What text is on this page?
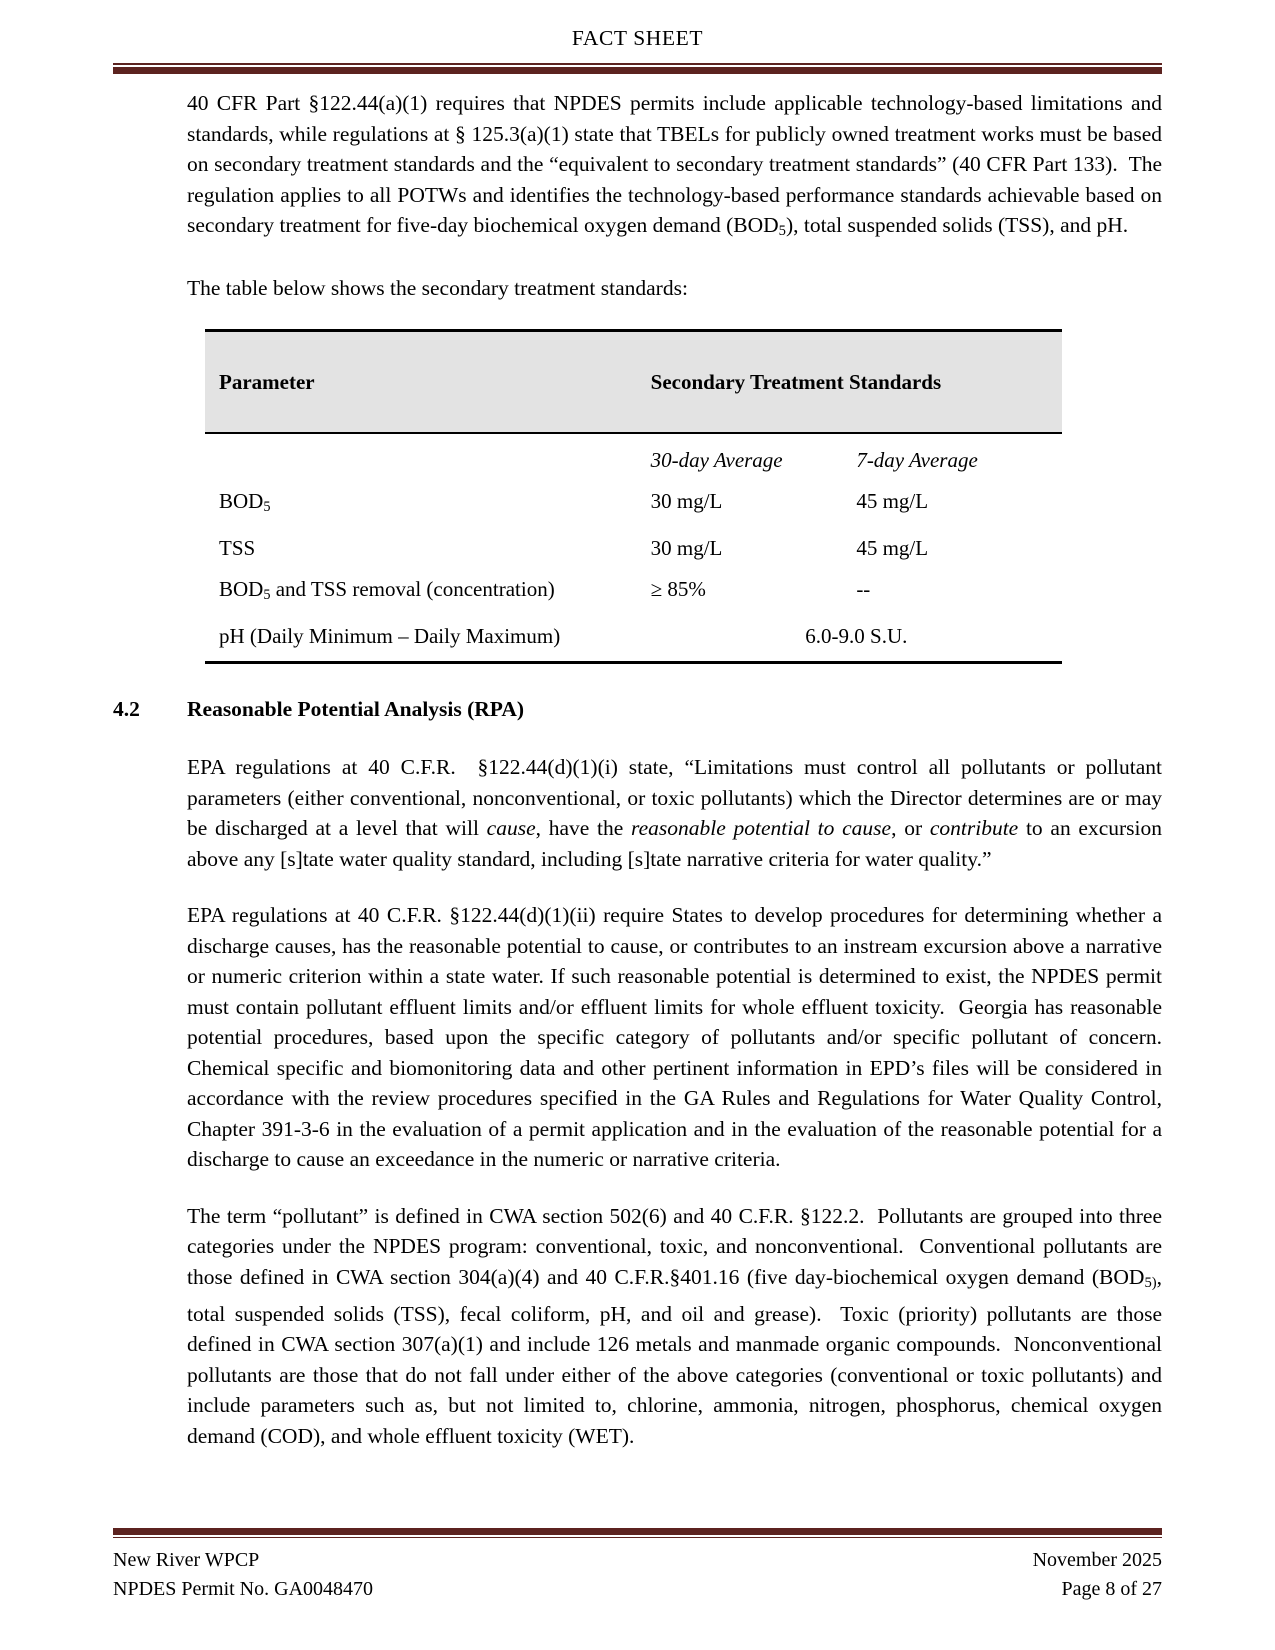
FACT SHEET

40 CFR Part §122.44(a)(1) requires that NPDES permits include applicable technology-based limitations and standards, while regulations at § 125.3(a)(1) state that TBELs for publicly owned treatment works must be based on secondary treatment standards and the “equivalent to secondary treatment standards” (40 CFR Part 133).  The regulation applies to all POTWs and identifies the technology-based performance standards achievable based on secondary treatment for five-day biochemical oxygen demand $(BOD_5)$, total suspended solids (TSS), and pH.

The table below shows the secondary treatment standards:

Parameter	Secondary Treatment Standards	
	30-day Average	7-day Average
$BOD_5$	30 mg/L	45 mg/L
TSS	30 mg/L	45 mg/L
$BOD_5$ and TSS removal (concentration)	≥ 85%	--
pH (Daily Minimum – Daily Maximum)	6.0-9.0 S.U.	
4.2	Reasonable Potential Analysis (RPA)

EPA regulations at 40 C.F.R.  §122.44(d)(1)(i) state, “Limitations must control all pollutants or pollutant parameters (either conventional, nonconventional, or toxic pollutants) which the Director determines are or may be discharged at a level that will cause, have the reasonable potential to cause, or contribute to an excursion above any [s]tate water quality standard, including [s]tate narrative criteria for water quality.”

EPA regulations at 40 C.F.R. §122.44(d)(1)(ii) require States to develop procedures for determining whether a discharge causes, has the reasonable potential to cause, or contributes to an instream excursion above a narrative or numeric criterion within a state water. If such reasonable potential is determined to exist, the NPDES permit must contain pollutant effluent limits and/or effluent limits for whole effluent toxicity.  Georgia has reasonable potential procedures, based upon the specific category of pollutants and/or specific pollutant of concern. Chemical specific and biomonitoring data and other pertinent information in EPD’s files will be considered in accordance with the review procedures specified in the GA Rules and Regulations for Water Quality Control, Chapter 391-3-6 in the evaluation of a permit application and in the evaluation of the reasonable potential for a discharge to cause an exceedance in the numeric or narrative criteria.

The term “pollutant” is defined in CWA section 502(6) and 40 C.F.R. §122.2.  Pollutants are grouped into three categories under the NPDES program: conventional, toxic, and nonconventional.  Conventional pollutants are those defined in CWA section 304(a)(4) and 40 C.F.R.§401.16 (five day-biochemical oxygen demand ($BOD_{5)}$, total suspended solids (TSS), fecal coliform, pH, and oil and grease).  Toxic (priority) pollutants are those defined in CWA section 307(a)(1) and include 126 metals and manmade organic compounds.  Nonconventional pollutants are those that do not fall under either of the above categories (conventional or toxic pollutants) and include parameters such as, but not limited to, chlorine, ammonia, nitrogen, phosphorus, chemical oxygen demand (COD), and whole effluent toxicity (WET).

New River WPCP	November 2025
NPDES Permit No. GA0048470	Page 8 of 27
